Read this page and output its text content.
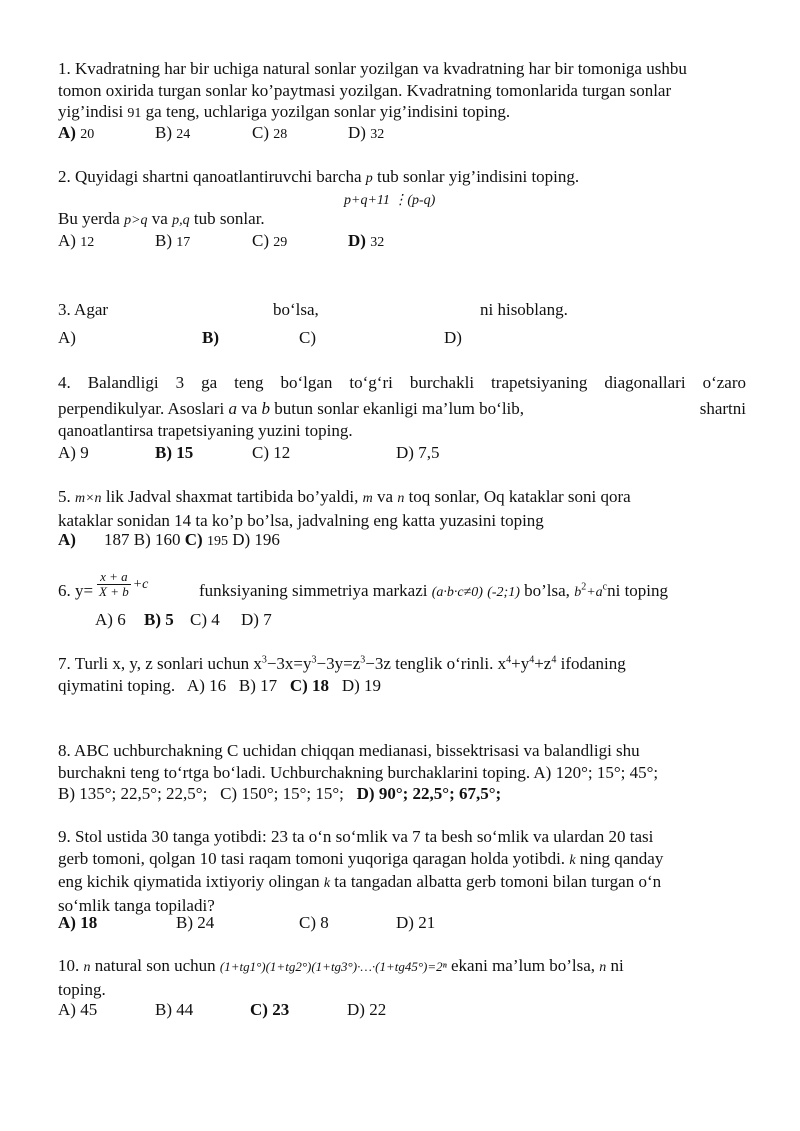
1. Kvadratning har bir uchiga natural sonlar yozilgan va kvadratning har bir tomoniga ushbu
tomon oxirida turgan sonlar ko’paytmasi yozilgan. Kvadratning tomonlarida turgan sonlar
yig’indisi 91 ga teng, uchlariga yozilgan sonlar yig’indisini toping.
A) 20	B) 24	C) 28	D) 32
2. Quyidagi shartni qanoatlantiruvchi barcha p tub sonlar yig’indisini toping.
p+q+11 ⋮(p-q)
Bu yerda p>q va p,q tub sonlar.
A) 12	B) 17	C) 29	D) 32
3. Agar	bo‘lsa,	ni hisoblang.
A)	B)	C)	D)
4. Balandligi 3 ga teng bo‘lgan to‘g‘ri burchakli trapetsiyaning diagonallari o‘zaro
perpendikulyar. Asoslari a va b butun sonlar ekanligi ma’lum bo‘lib,	shartni
qanoatlantirsa trapetsiyaning yuzini toping.
A) 9	B) 15	C) 12	D) 7,5
5. m×n lik Jadval shaxmat tartibida bo’yaldi, m va n toq sonlar, Oq kataklar soni qora
kataklar sonidan 14 ta ko’p bo’lsa, jadvalning eng katta yuzasini toping
A) 187 B) 160 C) 195 D) 196
6. $y= \frac{x + a}{X + b} +c$	funksiyaning simmetriya markazi (a·b·c≠0) (-2;1) bo’lsa, $b^2+a^cni$ toping
A) 6 B) 5 C) 4 D) 7
7. Turli x, y, z sonlari uchun $x^3-3x=y^3-3y=z^3-3z$ tenglik o‘rinli. $x^4+y^4+z^4$ ifodaning
qiymatini toping.   A) 16   B) 17   C) 18   D) 19
8. ABC uchburchakning C uchidan chiqqan medianasi, bissektrisasi va balandligi shu
burchakni teng to‘rtga bo‘ladi. Uchburchakning burchaklarini toping. A) 120°; 15°; 45°;
B) 135°; 22,5°; 22,5°;   C) 150°; 15°; 15°;   D) 90°; 22,5°; 67,5°;
9. Stol ustida 30 tanga yotibdi: 23 ta o‘n so‘mlik va 7 ta besh so‘mlik va ulardan 20 tasi
gerb tomoni, qolgan 10 tasi raqam tomoni yuqoriga qaragan holda yotibdi. k ning qanday
eng kichik qiymatida ixtiyoriy olingan k ta tangadan albatta gerb tomoni bilan turgan o‘n
so‘mlik tanga topiladi?
A) 18	B) 24	C) 8	D) 21
10. n natural son uchun (1+tg1°)(1+tg2°)(1+tg3°)·…·(1+tg45°)=2ⁿ ekani ma’lum bo’lsa, n ni
toping.
A) 45	B) 44	C) 23	D) 22
